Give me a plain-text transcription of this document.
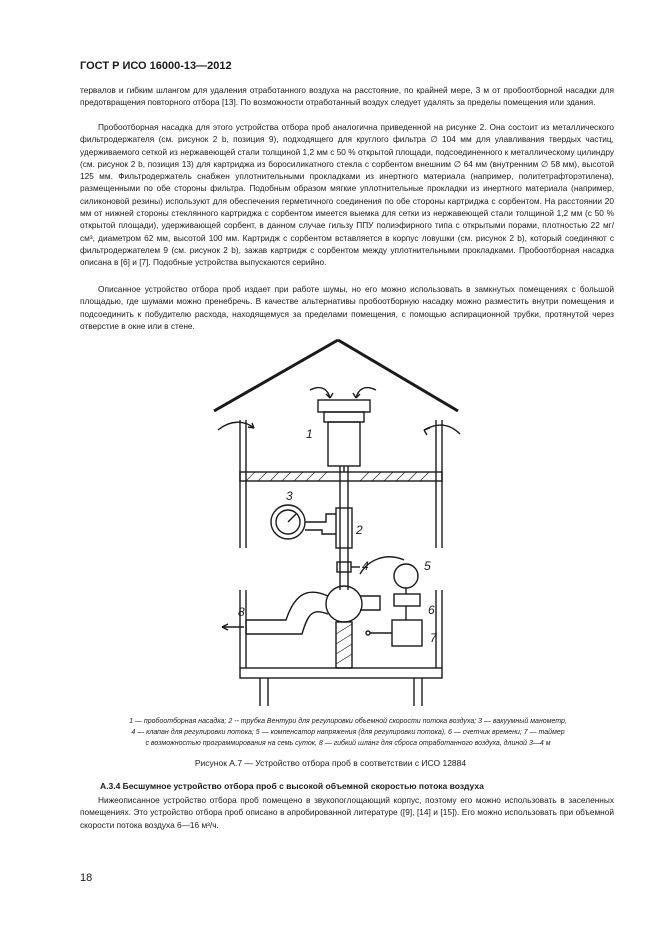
ГОСТ Р ИСО 16000-13—2012

тервалов и гибким шлангом для удаления отработанного воздуха на расстояние, по крайней мере, 3 м от пробоотборной насадки для предотвращения повторного отбора [13]. По возможности отработанный воздух следует удалять за пределы помещения или здания.

Пробоотборная насадка для этого устройства отбора проб аналогична приведенной на рисунке 2. Она состоит из металлического фильтродержателя (см. рисунок 2 b, позиция 9), подходящего для круглого фильтра ∅ 104 мм для улавливания твердых частиц, удерживаемого сеткой из нержавеющей стали толщиной 1,2 мм с 50 % открытой площади, подсоединенного к металлическому цилиндру (см. рисунок 2 b, позиция 13) для картриджа из боросиликатного стекла с сорбентом внешним ∅ 64 мм (внутренним ∅ 58 мм), высотой 125 мм. Фильтродержатель снабжен уплотнительными прокладками из инертного материала (например, политетрафторэтилена), размещенными по обе стороны фильтра. Подобным образом мягкие уплотнительные прокладки из инертного материала (например, силиконовой резины) используют для обеспечения герметичного соединения по обе стороны картриджа с сорбентом. На расстоянии 20 мм от нижней стороны стеклянного картриджа с сорбентом имеется выемка для сетки из нержавеющей стали толщиной 1,2 мм (с 50 % открытой площади), удерживающей сорбент, в данном случае гильзу ППУ полиэфирного типа с открытыми порами, плотностью 22 мг/см³, диаметром 62 мм, высотой 100 мм. Картридж с сорбентом вставляется в корпус ловушки (см. рисунок 2 b), который соединяют с фильтродержателем 9 (см. рисунок 2 b), зажав картридж с сорбентом между уплотнительными прокладками. Пробоотборная насадка описана в [6] и [7]. Подобные устройства выпускаются серийно.

Описанное устройство отбора проб издает при работе шумы, но его можно использовать в замкнутых помещениях с большой площадью, где шумами можно пренебречь. В качестве альтернативы пробоотборную насадку можно разместить внутри помещения и подсоединить к побудителю расхода, находящемуся за пределами помещения, с помощью аспирационной трубки, протянутой через отверстие в окне или в стене.

1
2
3
4	5
6
7
8
1 — пробоотборная насадка; 2 -- трубка Вентури для регулировки объемной скорости потока воздуха; 3 — вакуумный манометр,
4 — клапан для регулировки потока; 5 — компенсатор напряжения (для регулировки потока), 6 — счетчик времени; 7 — таймер
с возможностью программирования на семь суток, 8 — гибкий шланг для сброса отработанного воздуха, длиной 3—4 м
Рисунок А.7 — Устройство отбора проб в соответствии с ИСО 12884
А.3.4 Бесшумное устройство отбора проб с высокой объемной скоростью потока воздуха

Нижеописанное устройство отбора проб помещено в звукопоглощающий корпус, поэтому его можно использовать в заселенных помещениях. Это устройство отбора проб описано в апробированной литературе ([9], [14] и [15]). Его можно использовать при объемной скорости потока воздуха 6—16 м³/ч.

18
